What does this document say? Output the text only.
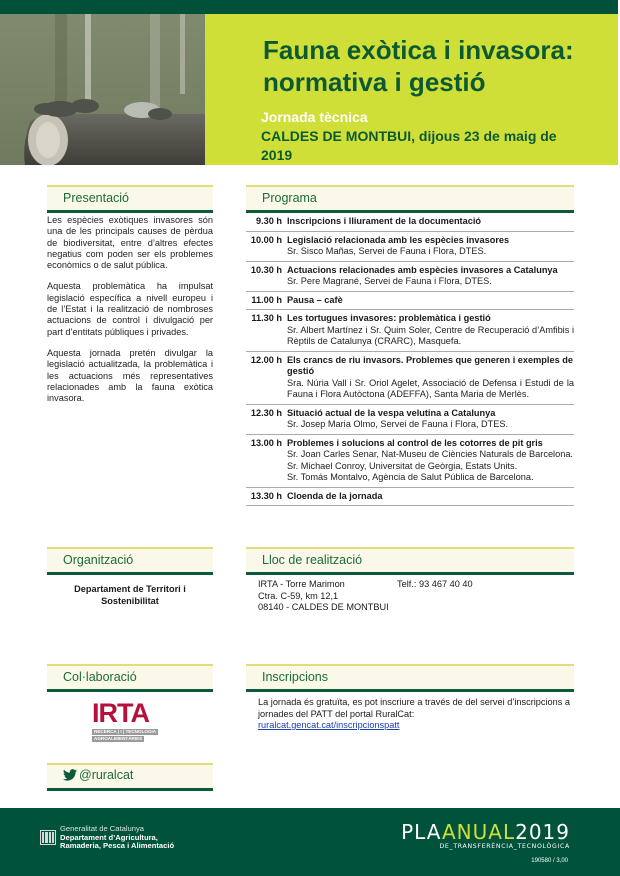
Fauna exòtica i invasora:
normativa i gestió
Jornada tècnica
CALDES DE MONTBUI, dijous 23 de maig de 2019
Presentació

Les espècies exòtiques invasores són una de les principals causes de pèrdua de biodiversitat, entre d’altres efectes negatius com poden ser els problemes econòmics o de salut pública.

Aquesta problemàtica ha impulsat legislació específica a nivell europeu i de l’Estat i la realització de nombroses actuacions de control i divulgació per part d’entitats públiques i privades.

Aquesta jornada pretén divulgar la legislació actualitzada, la problemàtica i les actuacions més representatives relacionades amb la fauna exòtica invasora.

Programa
9.30 h Inscripcions i lliurament de la documentació
10.00 h Legislació relacionada amb les espècies invasores
Sr. Sisco Mañas, Servei de Fauna i Flora, DTES.
10.30 h Actuacions relacionades amb espècies invasores a Catalunya
Sr. Pere Magrané, Servei de Fauna i Flora, DTES.
11.00 h Pausa – cafè
11.30 h Les tortugues invasores: problemàtica i gestió
Sr. Albert Martínez i Sr. Quim Soler, Centre de Recuperació d’Amfibis i Rèptils de Catalunya (CRARC), Masquefa.
12.00 h Els crancs de riu invasors. Problemes que generen i exemples de gestió
Sra. Núria Vall i Sr. Oriol Agelet, Associació de Defensa i Estudi de la Fauna i Flora Autòctona (ADEFFA), Santa Maria de Merlès.
12.30 h Situació actual de la vespa velutina a Catalunya
Sr. Josep Maria Olmo, Servei de Fauna i Flora, DTES.
13.00 h Problemes i solucions al control de les cotorres de pit gris
Sr. Joan Carles Senar, Nat-Museu de Ciències Naturals de Barcelona.
Sr. Michael Conroy, Universitat de Geòrgia, Estats Units.
Sr. Tomás Montalvo, Agència de Salut Pública de Barcelona.
13.30 h Cloenda de la jornada
Organització
Departament de Territori i Sostenibilitat
Lloc de realització
IRTA - Torre Marimon
Ctra. C-59, km 12,1
08140 - CALDES DE MONTBUI
Telf.: 93 467 40 40
Col·laboració
IRTA
RECERCA | I | TECNOLOGIA
AGROALIMENTÀRIES
@ruralcat
Inscripcions
La jornada és gratuïta, es pot inscriure a través de del servei d’inscripcions a jornades del PATT del portal RuralCat:
ruralcat.gencat.cat/inscripcionspatt
Generalitat de Catalunya
Departament d’Agricultura,
Ramaderia, Pesca i Alimentació
PLAANUAL2019
DE_TRANSFERÈNCIA_TECNOLÒGICA
190580 / 3,00
